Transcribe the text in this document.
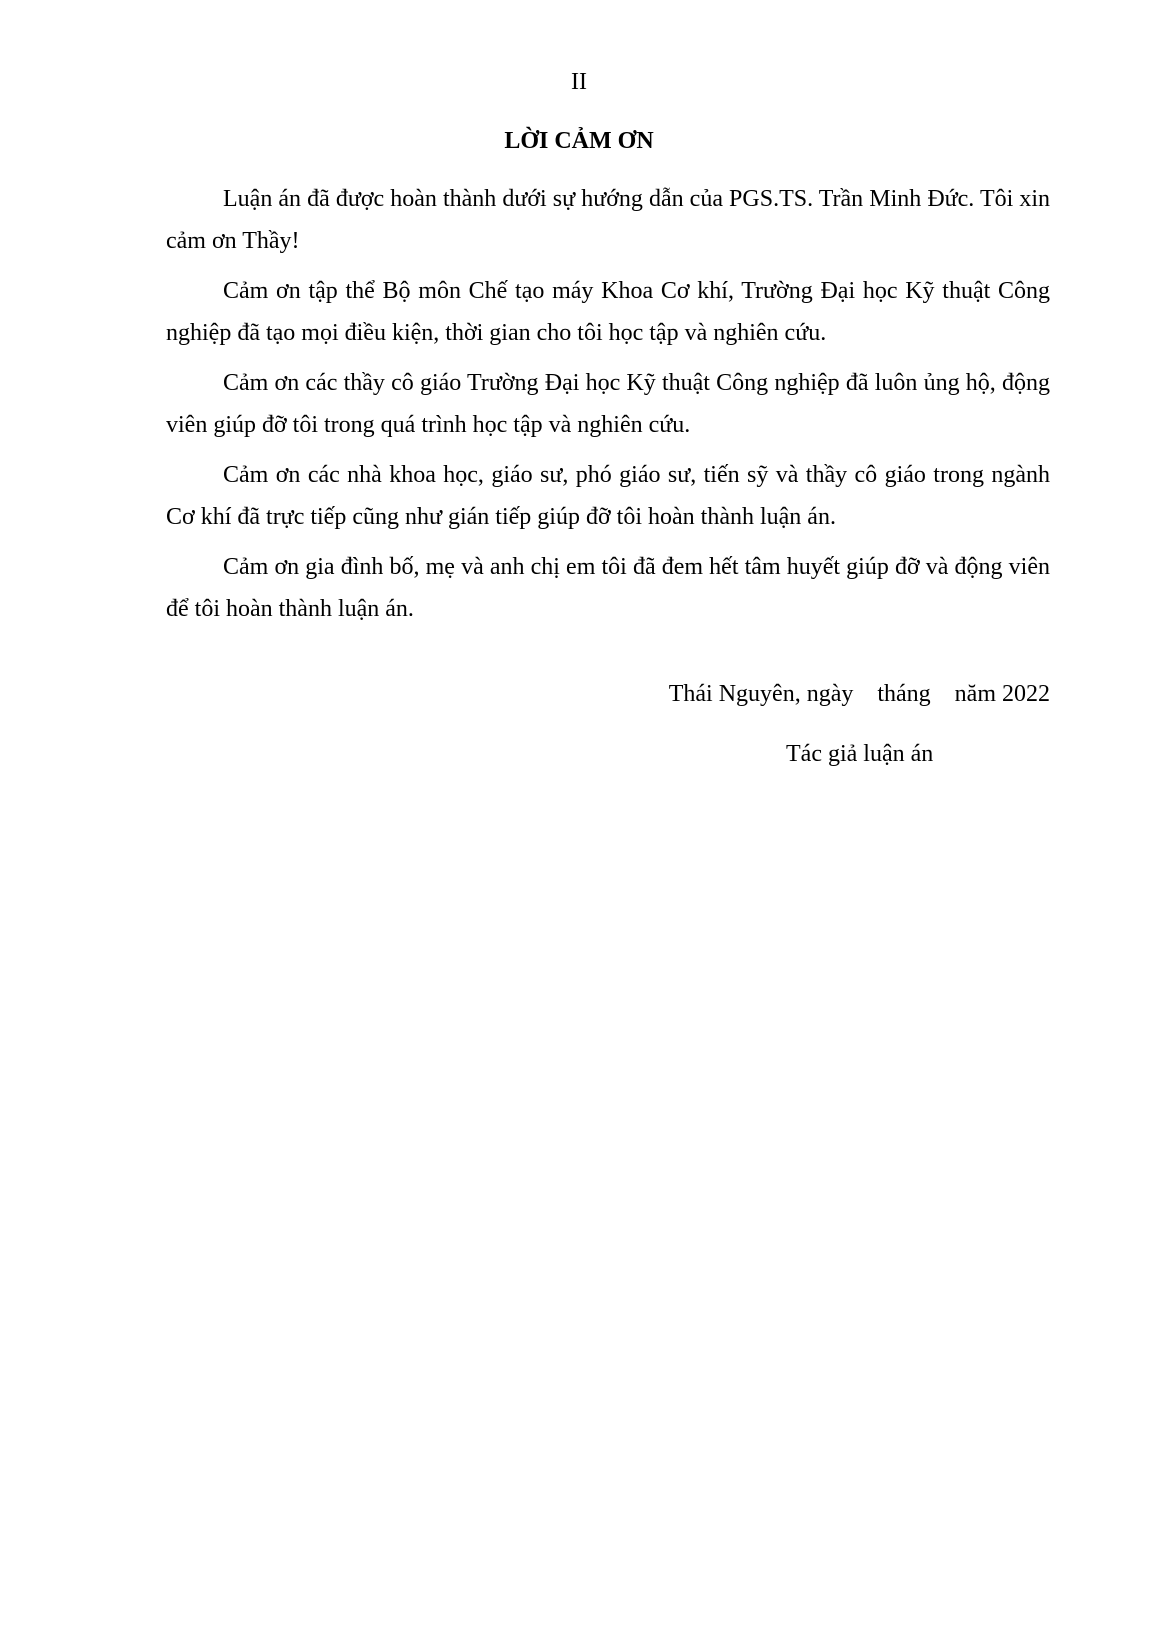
II
LỜI CẢM ƠN

Luận án đã được hoàn thành dưới sự hướng dẫn của PGS.TS. Trần Minh Đức. Tôi xin cảm ơn Thầy!

Cảm ơn tập thể Bộ môn Chế tạo máy Khoa Cơ khí, Trường Đại học Kỹ thuật Công nghiệp đã tạo mọi điều kiện, thời gian cho tôi học tập và nghiên cứu.

Cảm ơn các thầy cô giáo Trường Đại học Kỹ thuật Công nghiệp đã luôn ủng hộ, động viên giúp đỡ tôi trong quá trình học tập và nghiên cứu.

Cảm ơn các nhà khoa học, giáo sư, phó giáo sư, tiến sỹ và thầy cô giáo trong ngành Cơ khí đã trực tiếp cũng như gián tiếp giúp đỡ tôi hoàn thành luận án.

Cảm ơn gia đình bố, mẹ và anh chị em tôi đã đem hết tâm huyết giúp đỡ và động viên để tôi hoàn thành luận án.

Thái Nguyên, ngày    tháng    năm 2022
Tác giả luận án
